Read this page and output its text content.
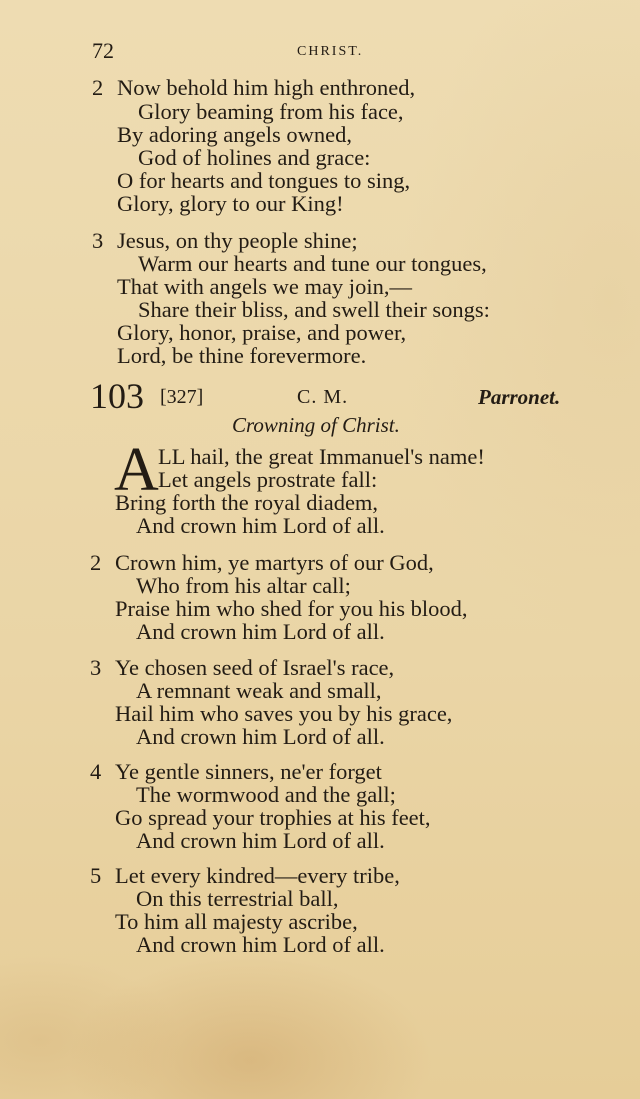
72	CHRIST.
2 Now behold him high enthroned,
Glory beaming from his face,
By adoring angels owned,
God of holines and grace:
O for hearts and tongues to sing,
Glory, glory to our King!
3 Jesus, on thy people shine;
Warm our hearts and tune our tongues,
That with angels we may join,—
Share their bliss, and swell their songs:
Glory, honor, praise, and power,
Lord, be thine forevermore.
103 [327]	C. M.	Parronet.
Crowning of Christ.
A LL hail, the great Immanuel's name!
Let angels prostrate fall:
Bring forth the royal diadem,
And crown him Lord of all.
2 Crown him, ye martyrs of our God,
Who from his altar call;
Praise him who shed for you his blood,
And crown him Lord of all.
3 Ye chosen seed of Israel's race,
A remnant weak and small,
Hail him who saves you by his grace,
And crown him Lord of all.
4 Ye gentle sinners, ne'er forget
The wormwood and the gall;
Go spread your trophies at his feet,
And crown him Lord of all.
5 Let every kindred—every tribe,
On this terrestrial ball,
To him all majesty ascribe,
And crown him Lord of all.
